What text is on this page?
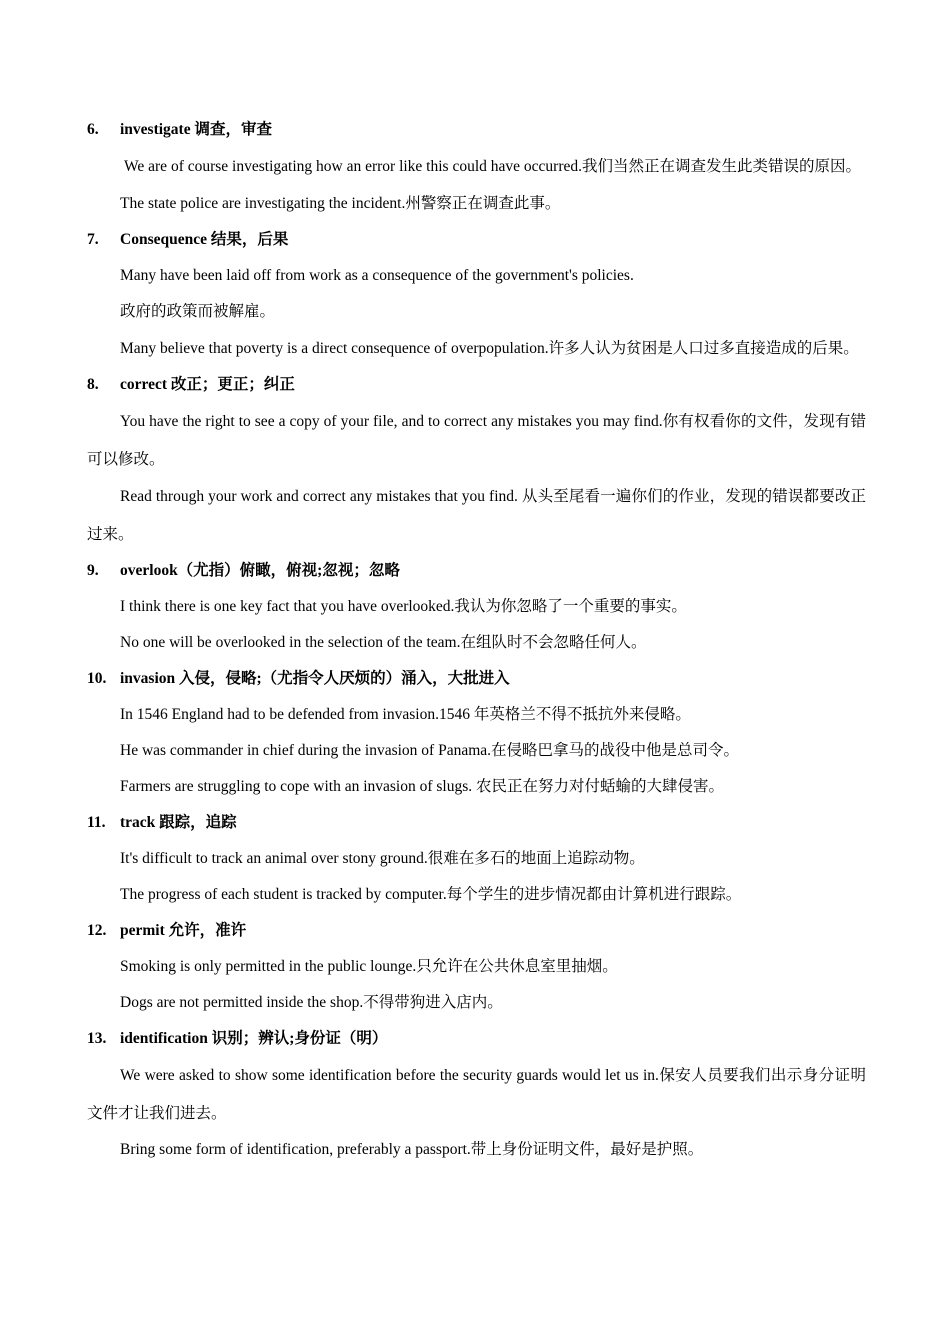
6. investigate 调查，审查

We are of course investigating how an error like this could have occurred.我们当然正在调查发生此类错误的原因。

The state police are investigating the incident.州警察正在调查此事。

7. Consequence 结果，后果

Many have been laid off from work as a consequence of the government's policies.

政府的政策而被解雇。

Many believe that poverty is a direct consequence of overpopulation.许多人认为贫困是人口过多直接造成的后果。

8. correct 改正；更正；纠正

You have the right to see a copy of your file, and to correct any mistakes you may find.你有权看你的文件，发现有错可以修改。

Read through your work and correct any mistakes that you find. 从头至尾看一遍你们的作业，发现的错误都要改正过来。

9. overlook（尤指）俯瞰，俯视;忽视；忽略

I think there is one key fact that you have overlooked.我认为你忽略了一个重要的事实。

No one will be overlooked in the selection of the team.在组队时不会忽略任何人。

10. invasion 入侵，侵略;（尤指令人厌烦的）涌入，大批进入

In 1546 England had to be defended from invasion.1546 年英格兰不得不抵抗外来侵略。

He was commander in chief during the invasion of Panama.在侵略巴拿马的战役中他是总司令。

Farmers are struggling to cope with an invasion of slugs. 农民正在努力对付蛞蝓的大肆侵害。

11. track 跟踪，追踪

It's difficult to track an animal over stony ground.很难在多石的地面上追踪动物。

The progress of each student is tracked by computer.每个学生的进步情况都由计算机进行跟踪。

12. permit 允许，准许

Smoking is only permitted in the public lounge.只允许在公共休息室里抽烟。

Dogs are not permitted inside the shop.不得带狗进入店内。

13. identification 识别；辨认;身份证（明）

We were asked to show some identification before the security guards would let us in.保安人员要我们出示身分证明文件才让我们进去。

Bring some form of identification, preferably a passport.带上身份证明文件，最好是护照。
